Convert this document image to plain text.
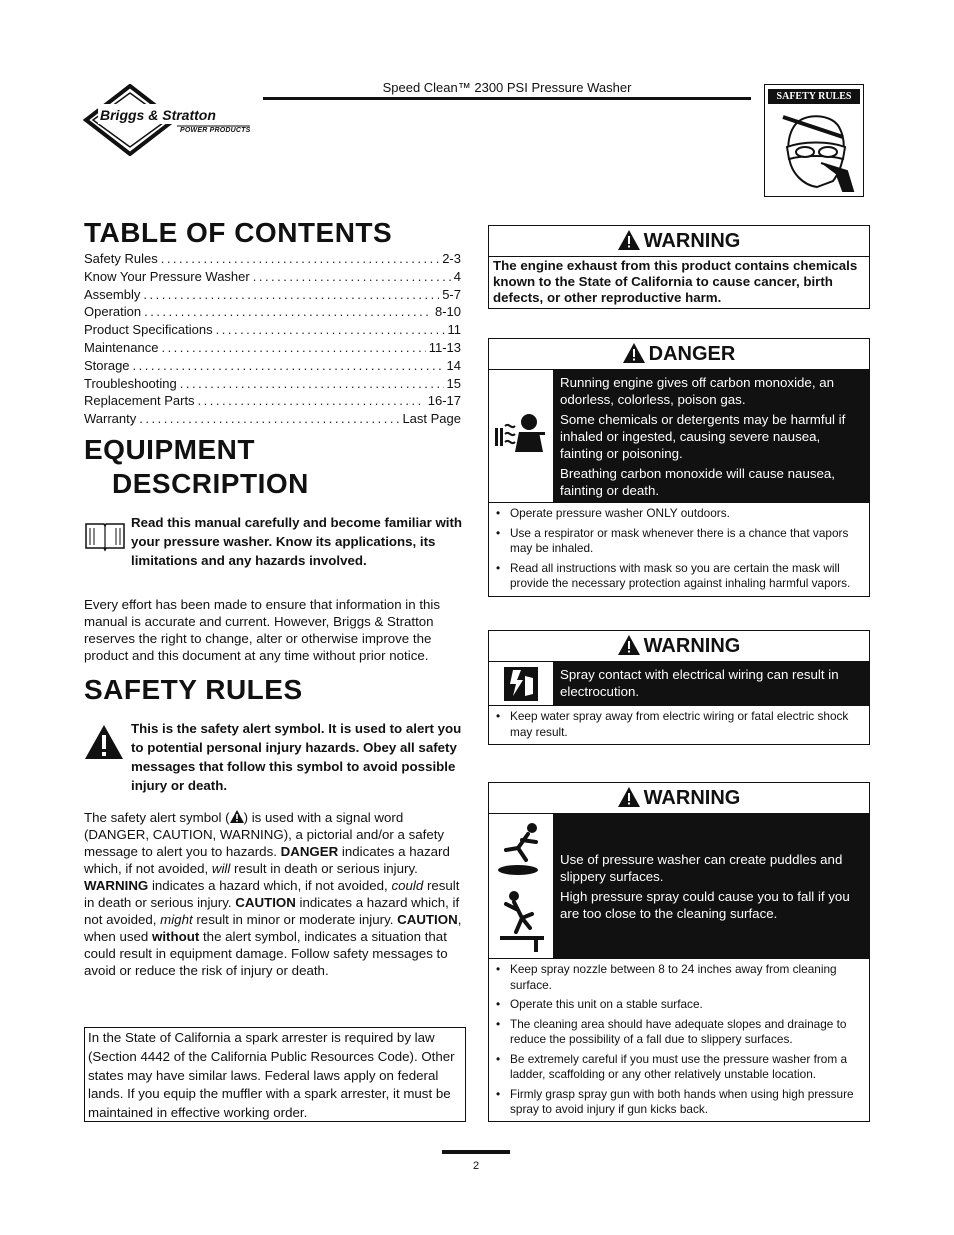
Speed Clean™ 2300 PSI Pressure Washer
Briggs & Stratton
POWER PRODUCTS
SAFETY RULES
TABLE OF CONTENTS
Safety Rules .....	2-3
Know Your Pressure Washer .....	4
Assembly .....	5-7
Operation .....	8-10
Product Specifications .....	11
Maintenance .....	11-13
Storage .....	14
Troubleshooting .....	15
Replacement Parts .....	16-17
Warranty .....	Last Page
EQUIPMENT
DESCRIPTION
Read this manual carefully and become familiar with your pressure washer. Know its applications, its limitations and any hazards involved.
Every effort has been made to ensure that information in this manual is accurate and current. However, Briggs & Stratton reserves the right to change, alter or otherwise improve the product and this document at any time without prior notice.
SAFETY RULES
This is the safety alert symbol. It is used to alert you to potential personal injury hazards. Obey all safety messages that follow this symbol to avoid possible injury or death.
The safety alert symbol ( ) is used with a signal word (DANGER, CAUTION, WARNING), a pictorial and/or a safety message to alert you to hazards. DANGER indicates a hazard which, if not avoided, will result in death or serious injury. WARNING indicates a hazard which, if not avoided, could result in death or serious injury. CAUTION indicates a hazard which, if not avoided, might result in minor or moderate injury. CAUTION, when used without the alert symbol, indicates a situation that could result in equipment damage. Follow safety messages to avoid or reduce the risk of injury or death.
In the State of California a spark arrester is required by law (Section 4442 of the California Public Resources Code). Other states may have similar laws. Federal laws apply on federal lands. If you equip the muffler with a spark arrester, it must be maintained in effective working order.
WARNING
The engine exhaust from this product contains chemicals known to the State of California to cause cancer, birth defects, or other reproductive harm.
DANGER

Running engine gives off carbon monoxide, an odorless, colorless, poison gas.

Some chemicals or detergents may be harmful if inhaled or ingested, causing severe nausea, fainting or poisoning.

Breathing carbon monoxide will cause nausea, fainting or death.

• Operate pressure washer ONLY outdoors.
• Use a respirator or mask whenever there is a chance that vapors may be inhaled.
• Read all instructions with mask so you are certain the mask will provide the necessary protection against inhaling harmful vapors.
WARNING

Spray contact with electrical wiring can result in electrocution.

• Keep water spray away from electric wiring or fatal electric shock may result.
WARNING

Use of pressure washer can create puddles and slippery surfaces.

High pressure spray could cause you to fall if you are too close to the cleaning surface.

• Keep spray nozzle between 8 to 24 inches away from cleaning surface.
• Operate this unit on a stable surface.
• The cleaning area should have adequate slopes and drainage to reduce the possibility of a fall due to slippery surfaces.
• Be extremely careful if you must use the pressure washer from a ladder, scaffolding or any other relatively unstable location.
• Firmly grasp spray gun with both hands when using high pressure spray to avoid injury if gun kicks back.
2
